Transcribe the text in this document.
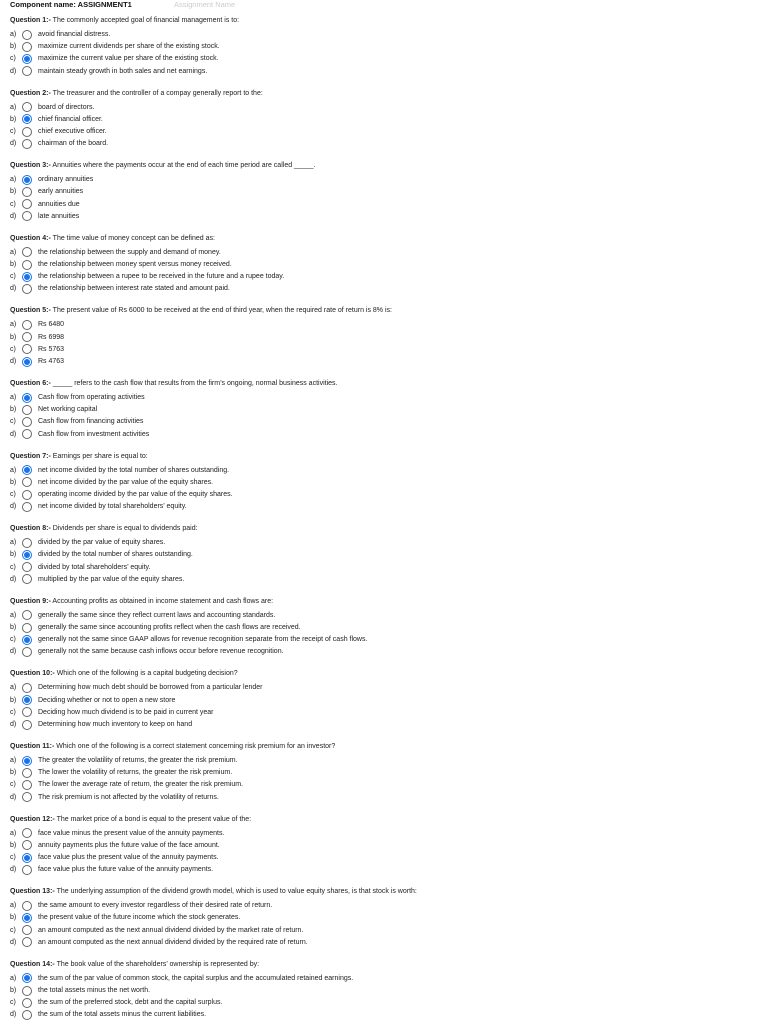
Component name: ASSIGNMENT1	Assignment Name
Question 1:- The commonly accepted goal of financial management is to:
a)	avoid financial distress.
b)	maximize current dividends per share of the existing stock.
c)	maximize the current value per share of the existing stock.
d)	maintain steady growth in both sales and net earnings.
Question 2:- The treasurer and the controller of a compay generally report to the:
a)	board of directors.
b)	chief financial officer.
c)	chief executive officer.
d)	chairman of the board.
Question 3:- Annuities where the payments occur at the end of each time period are called _____.
a)	ordinary annuities
b)	early annuities
c)	annuities due
d)	late annuities
Question 4:- The time value of money concept can be defined as:
a)	the relationship between the supply and demand of money.
b)	the relationship between money spent versus money received.
c)	the relationship between a rupee to be received in the future and a rupee today.
d)	the relationship between interest rate stated and amount paid.
Question 5:- The present value of Rs 6000 to be received at the end of third year, when the required rate of return is 8% is:
a)	Rs 6480
b)	Rs 6998
c)	Rs 5763
d)	Rs 4763
Question 6:- _____ refers to the cash flow that results from the firm’s ongoing, normal business activities.
a)	Cash flow from operating activities
b)	Net working capital
c)	Cash flow from financing activities
d)	Cash flow from investment activities
Question 7:- Earnings per share is equal to:
a)	net income divided by the total number of shares outstanding.
b)	net income divided by the par value of the equity shares.
c)	operating income divided by the par value of the equity shares.
d)	net income divided by total shareholders’ equity.
Question 8:- Dividends per share is equal to dividends paid:
a)	divided by the par value of equity shares.
b)	divided by the total number of shares outstanding.
c)	divided by total shareholders’ equity.
d)	multiplied by the par value of the equity shares.
Question 9:- Accounting profits as obtained in income statement and cash flows are:
a)	generally the same since they reflect current laws and accounting standards.
b)	generally the same since accounting profits reflect when the cash flows are received.
c)	generally not the same since GAAP allows for revenue recognition separate from the receipt of cash flows.
d)	generally not the same because cash inflows occur before revenue recognition.
Question 10:- Which one of the following is a capital budgeting decision?
a)	Determining how much debt should be borrowed from a particular lender
b)	Deciding whether or not to open a new store
c)	Deciding how much dividend is to be paid in current year
d)	Determining how much inventory to keep on hand
Question 11:- Which one of the following is a correct statement concerning risk premium for an investor?
a)	The greater the volatility of returns, the greater the risk premium.
b)	The lower the volatility of returns, the greater the risk premium.
c)	The lower the average rate of return, the greater the risk premium.
d)	The risk premium is not affected by the volatility of returns.
Question 12:- The market price of a bond is equal to the present value of the:
a)	face value minus the present value of the annuity payments.
b)	annuity payments plus the future value of the face amount.
c)	face value plus the present value of the annuity payments.
d)	face value plus the future value of the annuity payments.
Question 13:- The underlying assumption of the dividend growth model, which is used to value equity shares, is that stock is worth:
a)	the same amount to every investor regardless of their desired rate of return.
b)	the present value of the future income which the stock generates.
c)	an amount computed as the next annual dividend divided by the market rate of return.
d)	an amount computed as the next annual dividend divided by the required rate of return.
Question 14:- The book value of the shareholders’ ownership is represented by:
a)	the sum of the par value of common stock, the capital surplus and the accumulated retained earnings.
b)	the total assets minus the net worth.
c)	the sum of the preferred stock, debt and the capital surplus.
d)	the sum of the total assets minus the current liabilities.
